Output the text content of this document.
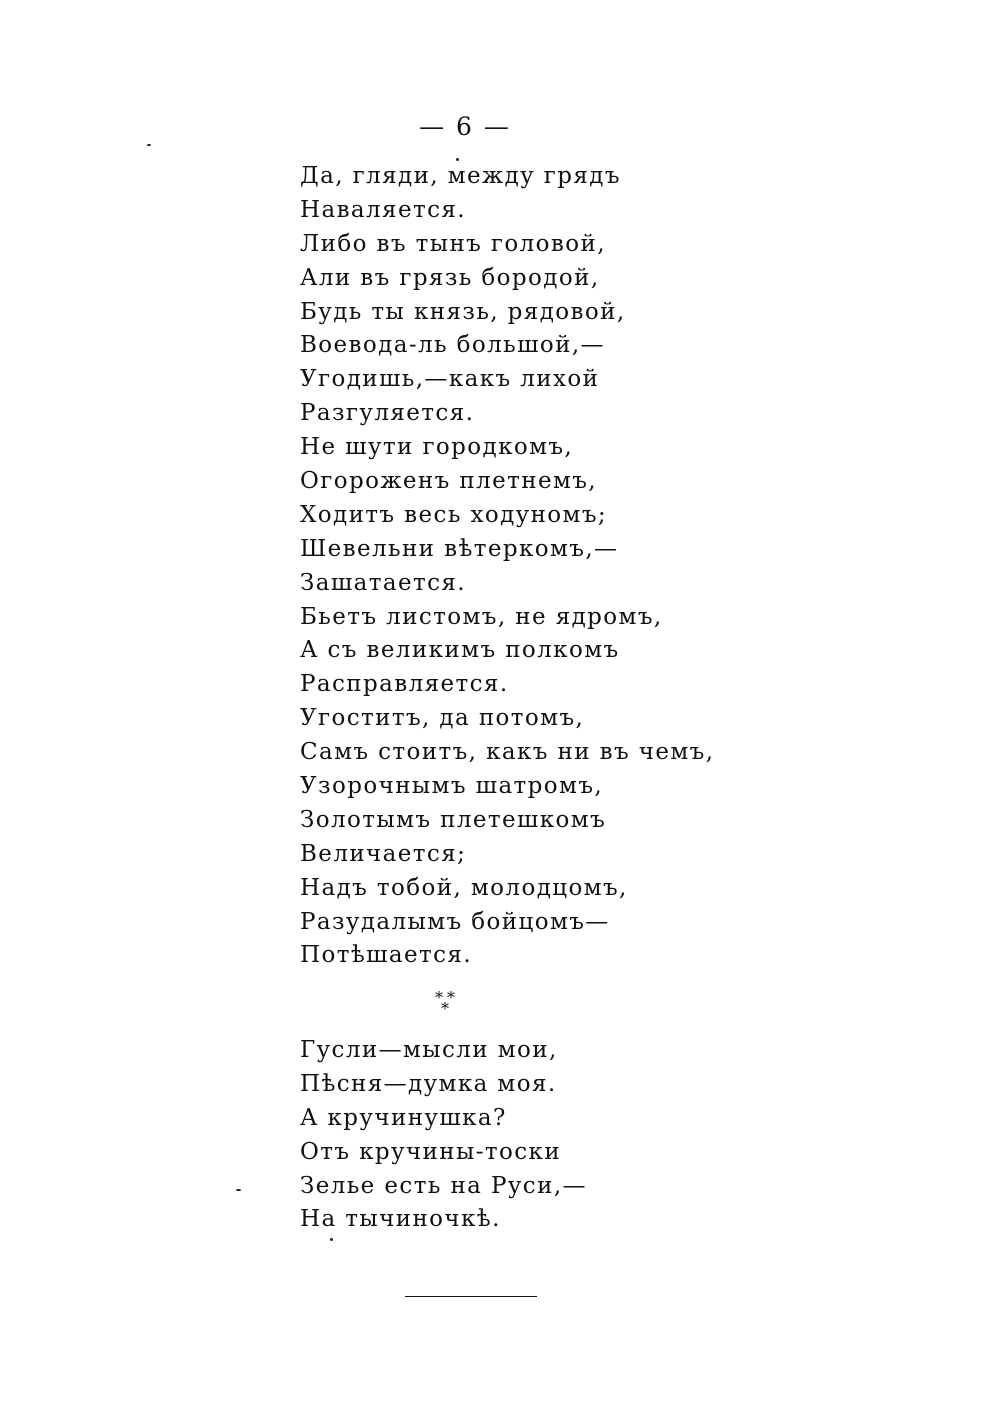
— 6 —
Да, гляди, между грядъ
Наваляется.
Либо въ тынъ головой,
Али въ грязь бородой,
Будь ты князь, рядовой,
Воевода-ль большой,—
Угодишь,—какъ лихой
Разгуляется.
Не шути городкомъ,
Огороженъ плетнемъ,
Ходитъ весь ходуномъ;
Шевельни вѣтеркомъ,—
Зашатается.
Бьетъ листомъ, не ядромъ,
А съ великимъ полкомъ
Расправляется.
Угоститъ, да потомъ,
Самъ стоитъ, какъ ни въ чемъ,
Узорочнымъ шатромъ,
Золотымъ плетешкомъ
Величается;
Надъ тобой, молодцомъ,
Разудалымъ бойцомъ—
Потѣшается.
* *
*
Гусли—мысли мои,
Пѣсня—думка моя.
А кручинушка?
Отъ кручины-тоски
Зелье есть на Руси,—
На тычиночкѣ.
